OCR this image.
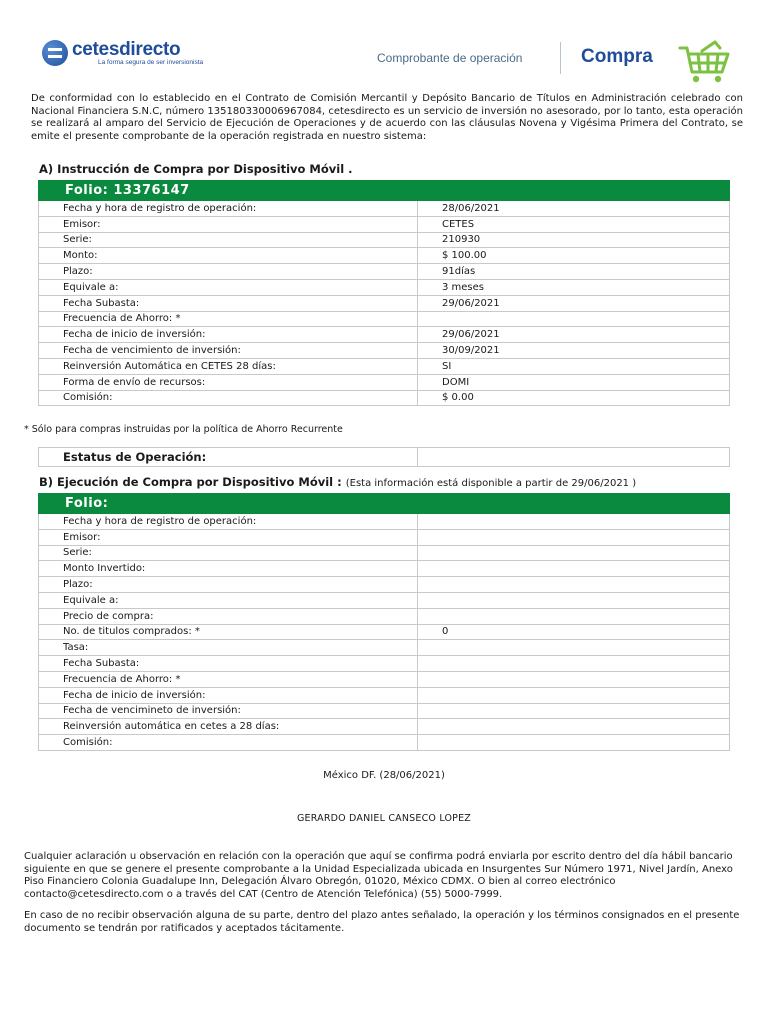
cetesdirecto
La forma segura de ser inversionista	Comprobante de operación	Compra
De conformidad con lo establecido en el Contrato de Comisión Mercantil y Depósito Bancario de Títulos en Administración celebrado con Nacional Financiera S.N.C, número 135180330006967084, cetesdirecto es un servicio de inversión no asesorado, por lo tanto, esta operación se realizará al amparo del Servicio de Ejecución de Operaciones y de acuerdo con las cláusulas Novena y Vigésima Primera del Contrato, se emite el presente comprobante de la operación registrada en nuestro sistema:
A) Instrucción de Compra por Dispositivo Móvil .
Folio: 13376147	
Fecha y hora de registro de operación:	28/06/2021
Emisor:	CETES
Serie:	210930
Monto:	$ 100.00
Plazo:	91días
Equivale a:	3 meses
Fecha Subasta:	29/06/2021
Frecuencia de Ahorro: *	
Fecha de inicio de inversión:	29/06/2021
Fecha de vencimiento de inversión:	30/09/2021
Reinversión Automática en CETES 28 días:	SI
Forma de envío de recursos:	DOMI
Comisión:	$ 0.00
* Sólo para compras instruidas por la política de Ahorro Recurrente
Estatus de Operación:	
B) Ejecución de Compra por Dispositivo Móvil : (Esta información está disponible a partir de 29/06/2021 )
Folio:	
Fecha y hora de registro de operación:	
Emisor:	
Serie:	
Monto Invertido:	
Plazo:	
Equivale a:	
Precio de compra:	
No. de titulos comprados: *	0
Tasa:	
Fecha Subasta:	
Frecuencia de Ahorro: *	
Fecha de inicio de inversión:	
Fecha de vencimineto de inversión:	
Reinversión automática en cetes a 28 días:	
Comisión:	
México DF. (28/06/2021)
GERARDO DANIEL CANSECO LOPEZ
Cualquier aclaración u observación en relación con la operación que aquí se confirma podrá enviarla por escrito dentro del día hábil bancario siguiente en que se genere el presente comprobante a la Unidad Especializada ubicada en Insurgentes Sur Número 1971, Nivel Jardín, Anexo Piso Financiero Colonia Guadalupe Inn, Delegación Álvaro Obregón, 01020, México CDMX. O bien al correo electrónico contacto@cetesdirecto.com o a través del CAT (Centro de Atención Telefónica) (55) 5000-7999.
En caso de no recibir observación alguna de su parte, dentro del plazo antes señalado, la operación y los términos consignados en el presente documento se tendrán por ratificados y aceptados tácitamente.
